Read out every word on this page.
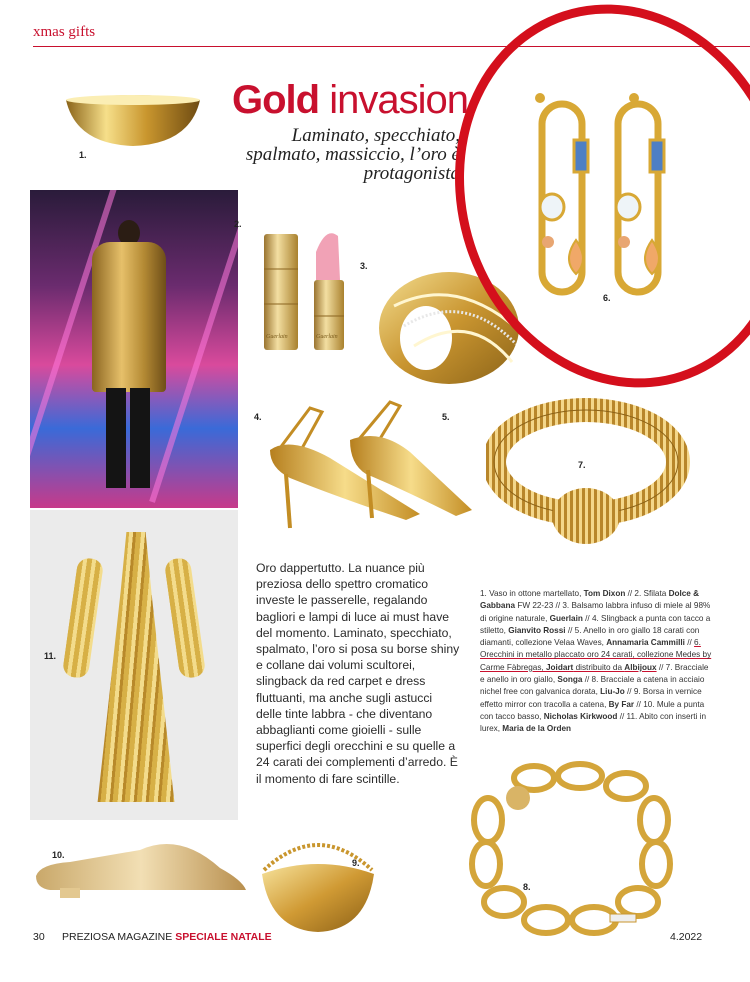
xmas gifts
Gold invasion
Laminato, specchiato, spalmato, massiccio, l’oro è protagonista
1.
2.
Guerlain	Guerlain
3.
5.
6.
4.
7.
11.

Oro dappertutto. La nuance più preziosa dello spettro cromatico investe le passerelle, regalando bagliori e lampi di luce ai must have del momento. Laminato, specchiato, spalmato, l’oro si posa su borse shiny e collane dai volumi scultorei, slingback da red carpet e dress fluttuanti, ma anche sugli astucci delle tinte labbra - che diventano abbaglianti come gioielli - sulle superfici degli orecchini e su quelle a 24 carati dei complementi d’arredo. È il momento di fare scintille.

1. Vaso in ottone martellato, Tom Dixon // 2. Sfilata Dolce & Gabbana FW 22-23 // 3. Balsamo labbra infuso di miele al 98% di origine naturale, Guerlain // 4. Slingback a punta con tacco a stiletto, Gianvito Rossi // 5. Anello in oro giallo 18 carati con diamanti, collezione Velaa Waves, Annamaria Cammilli // 6. Orecchini in metallo placcato oro 24 carati, collezione Medes by Carme Fàbregas, Joidart distribuito da Albijoux // 7. Bracciale e anello in oro giallo, Songa // 8. Bracciale a catena in acciaio nichel free con galvanica dorata, Liu-Jo // 9. Borsa in vernice effetto mirror con tracolla a catena, By Far // 10. Mule a punta con tacco basso, Nicholas Kirkwood // 11. Abito con inserti in lurex, Maria de la Orden

10.
9.
8.
30 PREZIOSA MAGAZINE SPECIALE NATALE	4.2022
